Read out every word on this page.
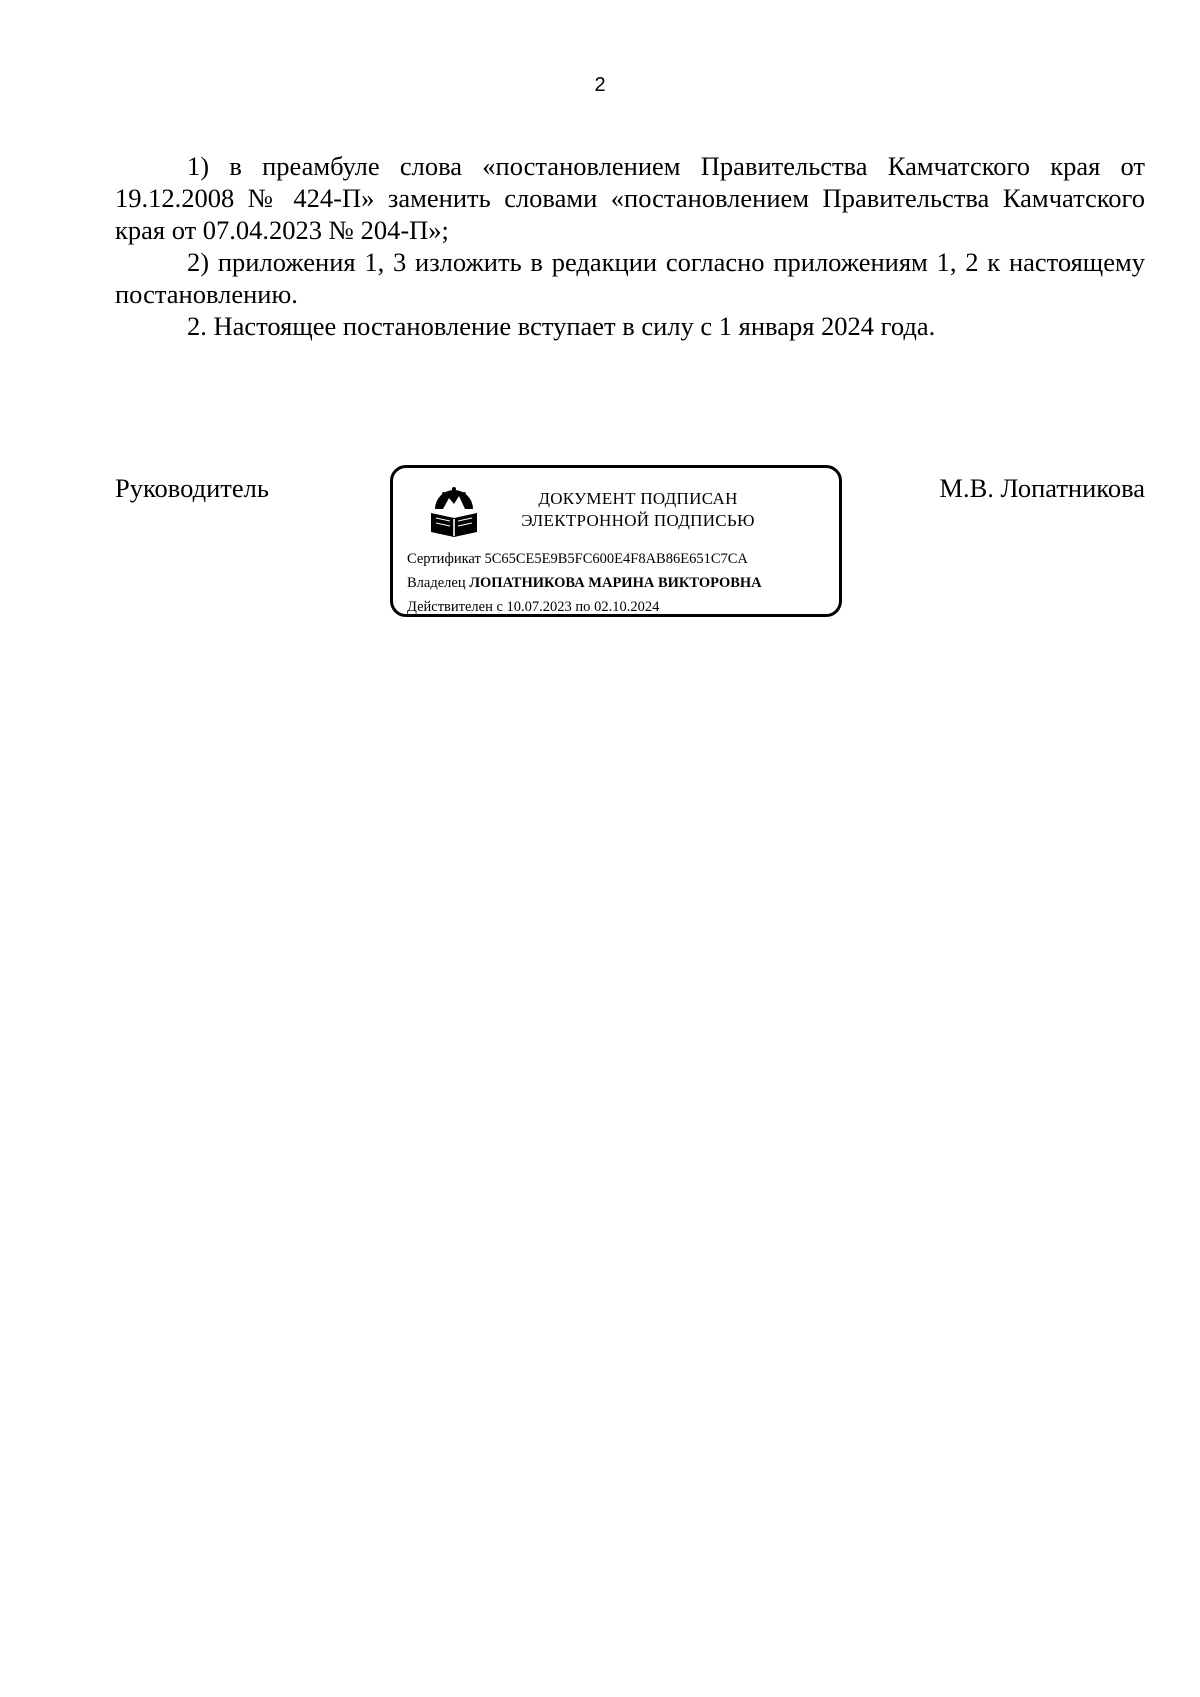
2

1) в преамбуле слова «постановлением Правительства Камчатского края от 19.12.2008 № 424-П» заменить словами «постановлением Правительства Камчатского края от 07.04.2023 № 204-П»;

2) приложения 1, 3 изложить в редакции согласно приложениям 1, 2 к настоящему постановлению.

2. Настоящее постановление вступает в силу с 1 января 2024 года.

Руководитель	ДОКУМЕНТ ПОДПИСАН
ЭЛЕКТРОННОЙ ПОДПИСЬЮ
Сертификат 5C65CE5E9B5FC600E4F8AB86E651C7CA
Владелец ЛОПАТНИКОВА МАРИНА ВИКТОРОВНА
Действителен с 10.07.2023 по 02.10.2024
М.В. Лопатникова
